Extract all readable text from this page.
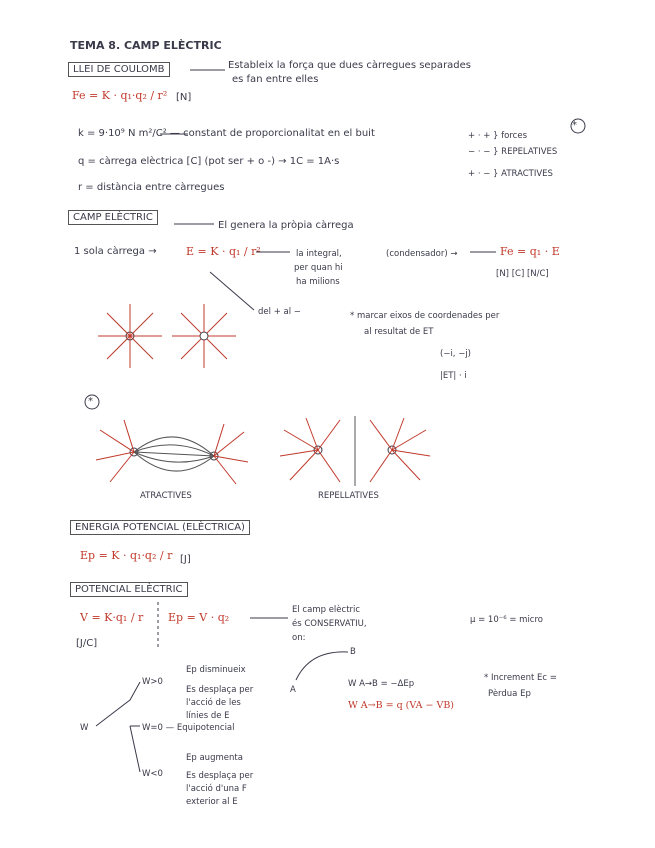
TEMA 8. CAMP ELÈCTRIC
LLEI DE COULOMB	Estableix la força que dues càrregues separades
es fan entre elles
Fe = K · q₁·q₂ / r² [N]
k = 9·10⁹ N m²/C² — constant de proporcionalitat en el buit
q = càrrega elèctrica [C] (pot ser + o -) → 1C = 1A·s
r = distància entre càrregues
+ · + } forces
− · − } REPELATIVES
+ · − } ATRACTIVES
*
CAMP ELÈCTRIC
El genera la pròpia càrrega
1 sola càrrega →	E = K · q₁ / r²	la integral,
per quan hi
ha milions
(condensador) →	Fe = q₁ · E
[N] [C] [N/C]
del + al −	* marcar eixos de coordenades per
al resultat de ET
(−i, −j)
|ET| · i
*
ATRACTIVES	REPELLATIVES
ENERGIA POTENCIAL (ELÈCTRICA)
Ep = K · q₁·q₂ / r [J]
POTENCIAL ELÈCTRIC
V = K·q₁ / r
[J/C]
Ep = V · q₂
El camp elèctric
és CONSERVATIU,
on:
µ = 10⁻⁶ = micro
A
B
W A→B = −ΔEp
W A→B = q (VA − VB)
* Increment Ec =
Pèrdua Ep
W
W>0
Ep disminueix
Es desplaça per
l'acció de les
línies de E
W=0 — Equipotencial
W<0
Ep augmenta
Es desplaça per
l'acció d'una F
exterior al E
